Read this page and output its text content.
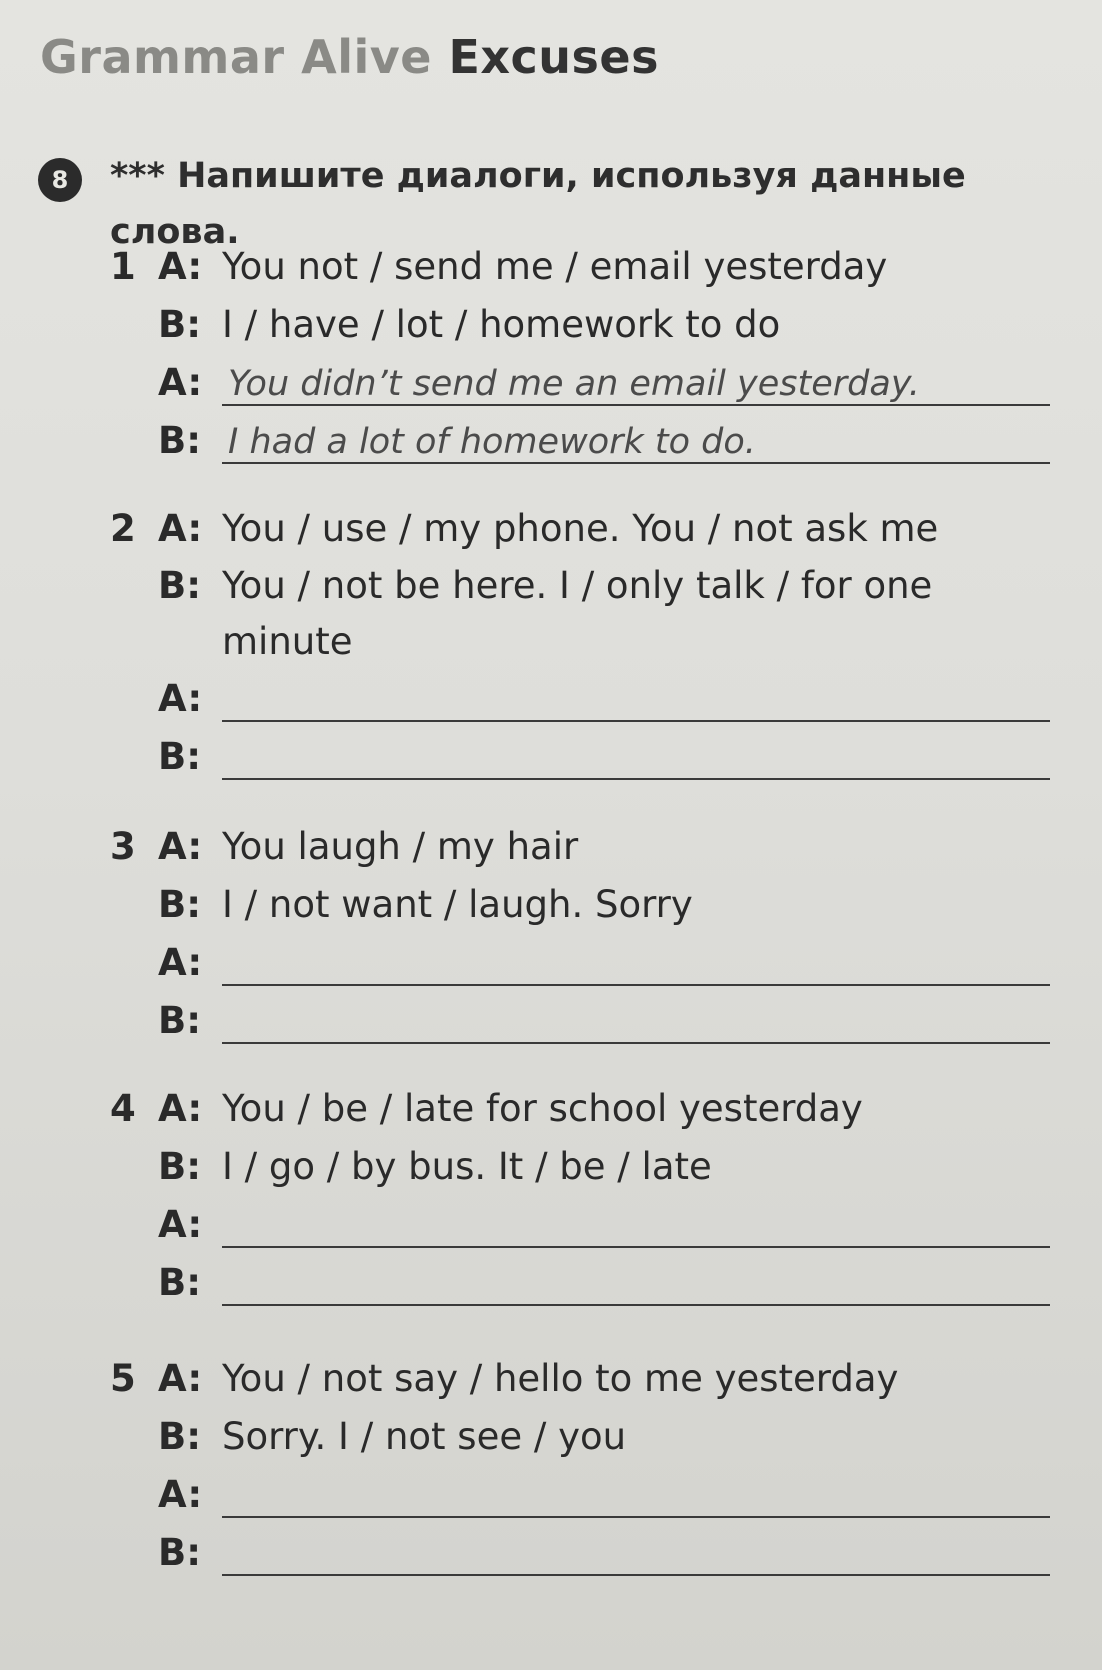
Grammar Alive Excuses
8	*** Напишите диалоги, используя данные слова.
1 A: You not / send me / email yesterday
B: I / have / lot / homework to do
A: You didn’t send me an email yesterday.
B: I had a lot of homework to do.
2 A: You / use / my phone. You / not ask me
B: You / not be here. I / only talk / for one minute
A:
B:
3 A: You laugh / my hair
B: I / not want / laugh. Sorry
A:
B:
4 A: You / be / late for school yesterday
B: I / go / by bus. It / be / late
A:
B:
5 A: You / not say / hello to me yesterday
B: Sorry. I / not see / you
A:
B:
